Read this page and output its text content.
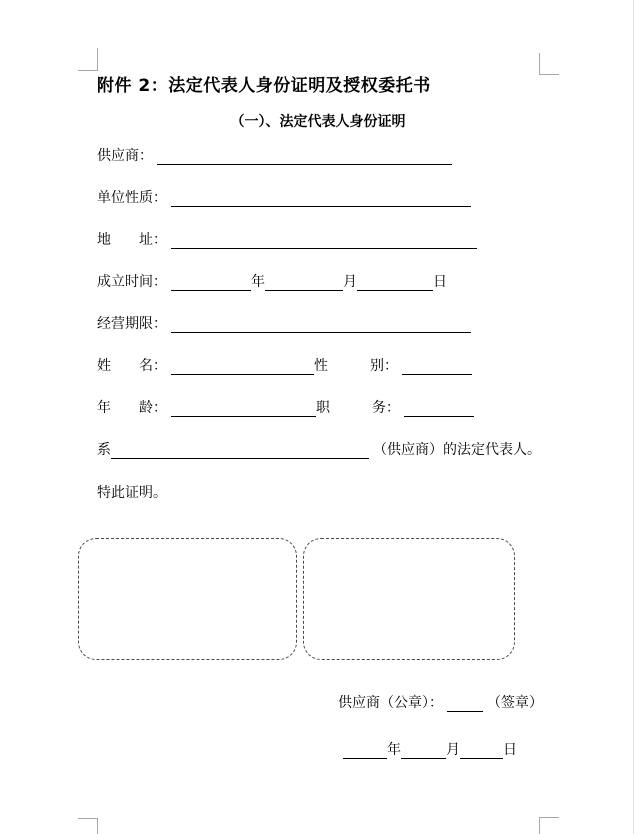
附件 2：法定代表人身份证明及授权委托书
（一）、法定代表人身份证明
供应商：
单位性质：
地　　址：
成立时间：	年	月	日
经营期限：
姓　　名：	性　　　别：
年　　龄：	职　　　务：
系	（供应商）的法定代表人。
特此证明。
供应商（公章）：	（签章）
年	月	日
